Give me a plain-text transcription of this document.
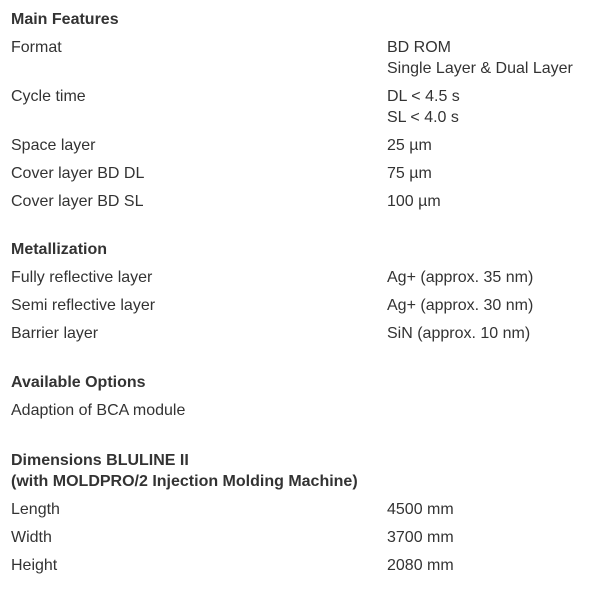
Main Features
Format	BD ROM
Single Layer & Dual Layer
Cycle time	DL < 4.5 s
SL < 4.0 s
Space layer	25 µm
Cover layer BD DL	75 µm
Cover layer BD SL	100 µm
Metallization
Fully reflective layer	Ag+ (approx. 35 nm)
Semi reflective layer	Ag+ (approx. 30 nm)
Barrier layer	SiN (approx. 10 nm)
Available Options
Adaption of BCA module
Dimensions BLULINE II
(with MOLDPRO/2 Injection Molding Machine)
Length	4500 mm
Width	3700 mm
Height	2080 mm
